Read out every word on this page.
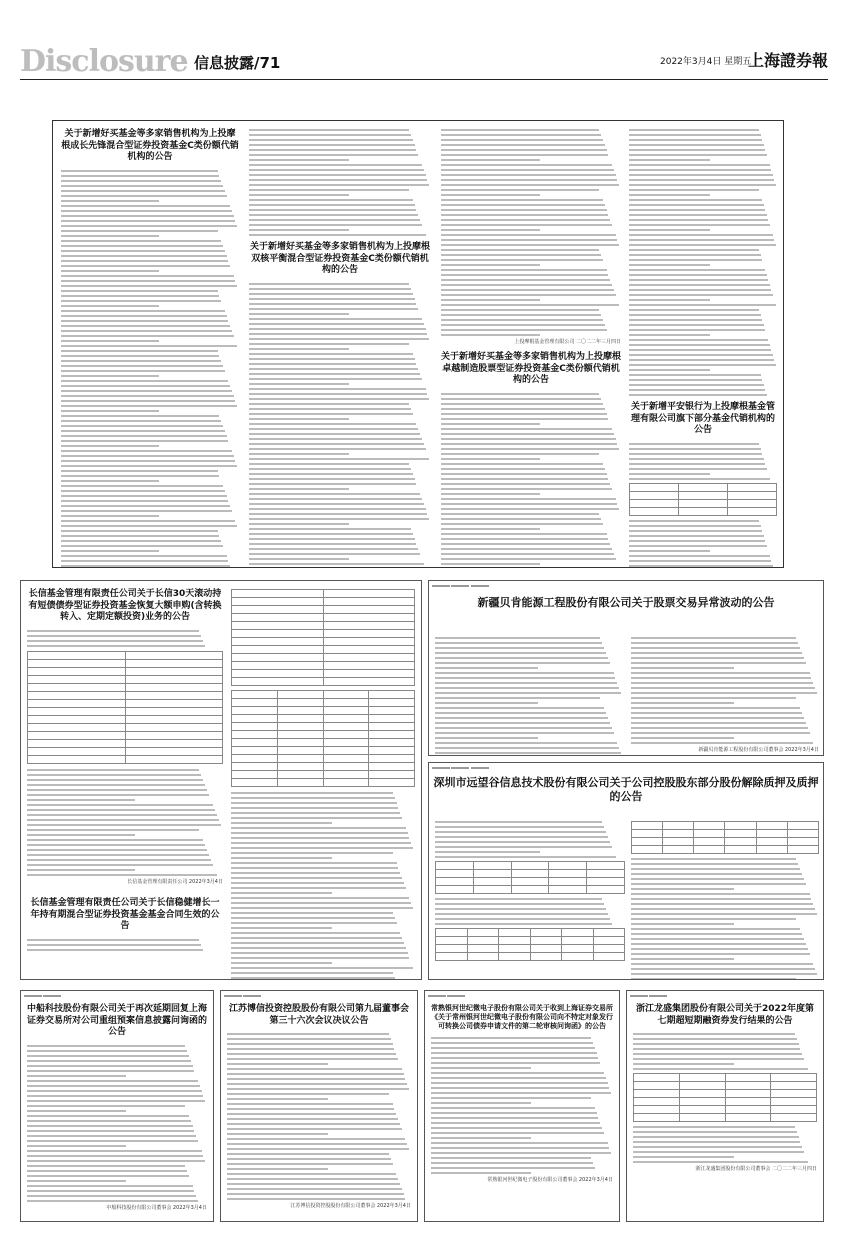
Disclosure 信息披露/71	2022年3月4日 星期五
上海證券報

关于新增好买基金等多家销售机构为上投摩根成长先锋混合型证券投资基金C类份额代销机构的公告

关于新增好买基金等多家销售机构为上投摩根双核平衡混合型证券投资基金C类份额代销机构的公告

上投摩根基金管理有限公司 二〇二二年三月四日

关于新增好买基金等多家销售机构为上投摩根卓越制造股票型证券投资基金C类份额代销机构的公告

关于新增平安银行为上投摩根基金管理有限公司旗下部分基金代销机构的公告

长信基金管理有限责任公司关于长信30天滚动持有短债债券型证券投资基金恢复大额申购(含转换转入、定期定额投资)业务的公告

长信基金管理有限责任公司 2022年3月4日

长信基金管理有限责任公司关于长信稳健增长一年持有期混合型证券投资基金基金合同生效的公告

新疆贝肯能源工程股份有限公司关于股票交易异常波动的公告

新疆贝肯能源工程股份有限公司董事会 2022年3月4日

深圳市远望谷信息技术股份有限公司关于公司控股股东部分股份解除质押及质押的公告

中船科技股份有限公司关于再次延期回复上海证券交易所对公司重组预案信息披露问询函的公告

中船科技股份有限公司董事会 2022年3月4日

江苏博信投资控股股份有限公司第九届董事会第三十六次会议决议公告

江苏博信投资控股股份有限公司董事会 2022年3月4日

常熟银河世纪微电子股份有限公司关于收到上海证券交易所《关于常州银河世纪微电子股份有限公司向不特定对象发行可转换公司债券申请文件的第二轮审核问询函》的公告

常熟银河世纪微电子股份有限公司董事会 2022年3月4日

浙江龙盛集团股份有限公司关于2022年度第七期超短期融资券发行结果的公告

浙江龙盛集团股份有限公司董事会 二〇二二年三月四日
